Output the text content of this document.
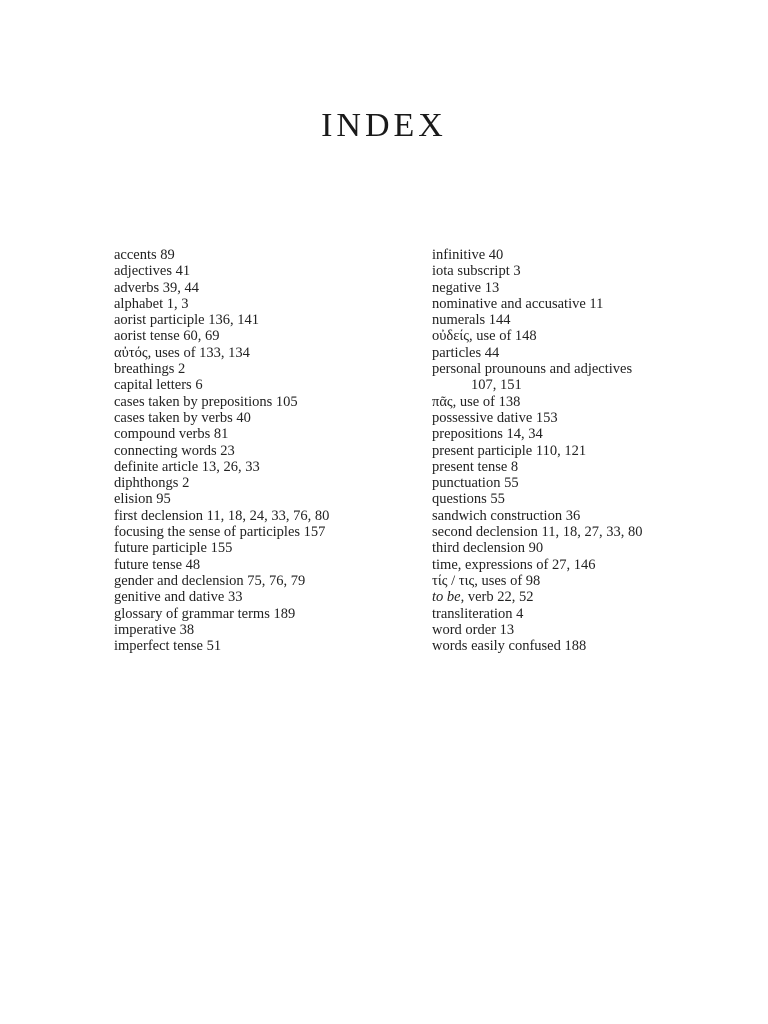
INDEX
accents 89
adjectives 41
adverbs 39, 44
alphabet 1, 3
aorist participle 136, 141
aorist tense 60, 69
αὐτός, uses of 133, 134
breathings 2
capital letters 6
cases taken by prepositions 105
cases taken by verbs 40
compound verbs 81
connecting words 23
definite article 13, 26, 33
diphthongs 2
elision 95
first declension 11, 18, 24, 33, 76, 80
focusing the sense of participles 157
future participle 155
future tense 48
gender and declension 75, 76, 79
genitive and dative 33
glossary of grammar terms 189
imperative 38
imperfect tense 51
infinitive 40
iota subscript 3
negative 13
nominative and accusative 11
numerals 144
οὐδείς, use of 148
particles 44
personal prounouns and adjectives
107, 151
πᾶς, use of 138
possessive dative 153
prepositions 14, 34
present participle 110, 121
present tense 8
punctuation 55
questions 55
sandwich construction 36
second declension 11, 18, 27, 33, 80
third declension 90
time, expressions of 27, 146
τίς / τις, uses of 98
to be, verb 22, 52
transliteration 4
word order 13
words easily confused 188
